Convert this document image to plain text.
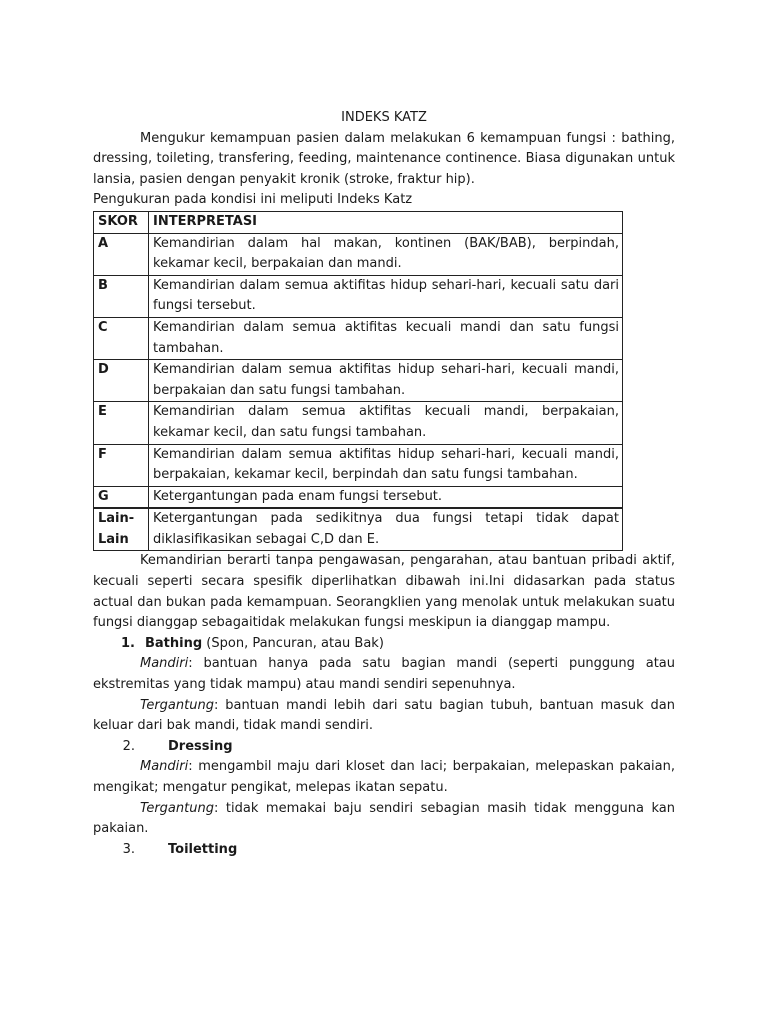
INDEKS KATZ

Mengukur kemampuan pasien dalam melakukan 6 kemampuan fungsi : bathing, dressing, toileting, transfering, feeding, maintenance continence. Biasa digunakan untuk lansia, pasien dengan penyakit kronik (stroke, fraktur hip).

Pengukuran pada kondisi ini meliputi Indeks Katz

SKOR	INTERPRETASI
A	Kemandirian dalam hal makan, kontinen (BAK/BAB), berpindah, kekamar kecil, berpakaian dan mandi.
B	Kemandirian dalam semua aktifitas hidup sehari-hari, kecuali satu dari fungsi tersebut.
C	Kemandirian dalam semua aktifitas kecuali mandi dan satu fungsi tambahan.
D	Kemandirian dalam semua aktifitas hidup sehari-hari, kecuali mandi, berpakaian dan satu fungsi tambahan.
E	Kemandirian dalam semua aktifitas kecuali mandi, berpakaian, kekamar kecil, dan satu fungsi tambahan.
F	Kemandirian dalam semua aktifitas hidup sehari-hari, kecuali mandi, berpakaian, kekamar kecil, berpindah dan satu fungsi tambahan.
G	Ketergantungan pada enam fungsi tersebut.
Lain-Lain	Ketergantungan pada sedikitnya dua fungsi tetapi tidak dapat diklasifikasikan sebagai C,D dan E.

Kemandirian berarti tanpa pengawasan, pengarahan, atau bantuan pribadi aktif, kecuali seperti secara spesifik diperlihatkan dibawah ini.Ini didasarkan pada status actual dan bukan pada kemampuan. Seorangklien yang menolak untuk melakukan suatu fungsi dianggap sebagaitidak melakukan fungsi meskipun ia dianggap mampu.

1. Bathing (Spon, Pancuran, atau Bak)

Mandiri: bantuan hanya pada satu bagian mandi (seperti punggung atau ekstremitas yang tidak mampu) atau mandi sendiri sepenuhnya.

Tergantung: bantuan mandi lebih dari satu bagian tubuh, bantuan masuk dan keluar dari bak mandi, tidak mandi sendiri.

2.	Dressing

Mandiri: mengambil maju dari kloset dan laci; berpakaian, melepaskan pakaian, mengikat; mengatur pengikat, melepas ikatan sepatu.

Tergantung: tidak memakai baju sendiri sebagian masih tidak mengguna kan pakaian.

3.	Toiletting
